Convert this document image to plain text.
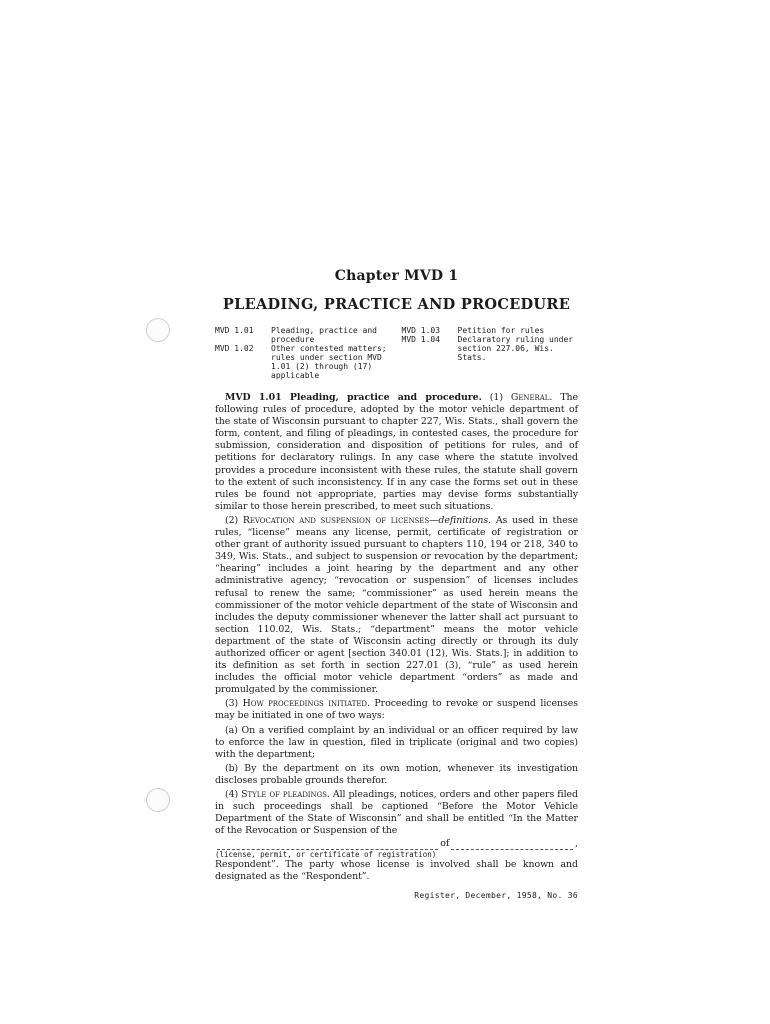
Chapter MVD 1
PLEADING, PRACTICE AND PROCEDURE
MVD 1.01	Pleading, practice and procedure
MVD 1.02	Other contested matters; rules under section MVD 1.01 (2) through (17) applicable
MVD 1.03	Petition for rules
MVD 1.04	Declaratory ruling under section 227.06, Wis. Stats.

MVD 1.01 Pleading, practice and procedure. (1) General. The following rules of procedure, adopted by the motor vehicle department of the state of Wisconsin pursuant to chapter 227, Wis. Stats., shall govern the form, content, and filing of pleadings, in contested cases, the procedure for submission, consideration and disposition of petitions for rules, and of petitions for declaratory rulings. In any case where the statute involved provides a procedure inconsistent with these rules, the statute shall govern to the extent of such inconsistency. If in any case the forms set out in these rules be found not appropriate, parties may devise forms substantially similar to those herein prescribed, to meet such situations.

(2) Revocation and suspension of licenses—definitions. As used in these rules, “license” means any license, permit, certificate of registration or other grant of authority issued pursuant to chapters 110, 194 or 218, 340 to 349, Wis. Stats., and subject to suspension or revocation by the department; “hearing” includes a joint hearing by the department and any other administrative agency; “revocation or suspension” of licenses includes refusal to renew the same; “commissioner” as used herein means the commissioner of the motor vehicle department of the state of Wisconsin and includes the deputy commissioner whenever the latter shall act pursuant to section 110.02, Wis. Stats.; “department” means the motor vehicle department of the state of Wisconsin acting directly or through its duly authorized officer or agent [section 340.01 (12), Wis. Stats.]; in addition to its definition as set forth in section 227.01 (3), “rule” as used herein includes the official motor vehicle department “orders” as made and promulgated by the commissioner.

(3) How proceedings initiated. Proceeding to revoke or suspend licenses may be initiated in one of two ways:

(a) On a verified complaint by an individual or an officer required by law to enforce the law in question, filed in triplicate (original and two copies) with the department;

(b) By the department on its own motion, whenever its investigation discloses probable grounds therefor.

(4) Style of pleadings. All pleadings, notices, orders and other papers filed in such proceedings shall be captioned “Before the Motor Vehicle Department of the State of Wisconsin” and shall be entitled “In the Matter of the Revocation or Suspension of the

of	,
(license, permit, or certificate of registration)

Respondent”. The party whose license is involved shall be known and designated as the “Respondent”.

Register, December, 1958, No. 36
